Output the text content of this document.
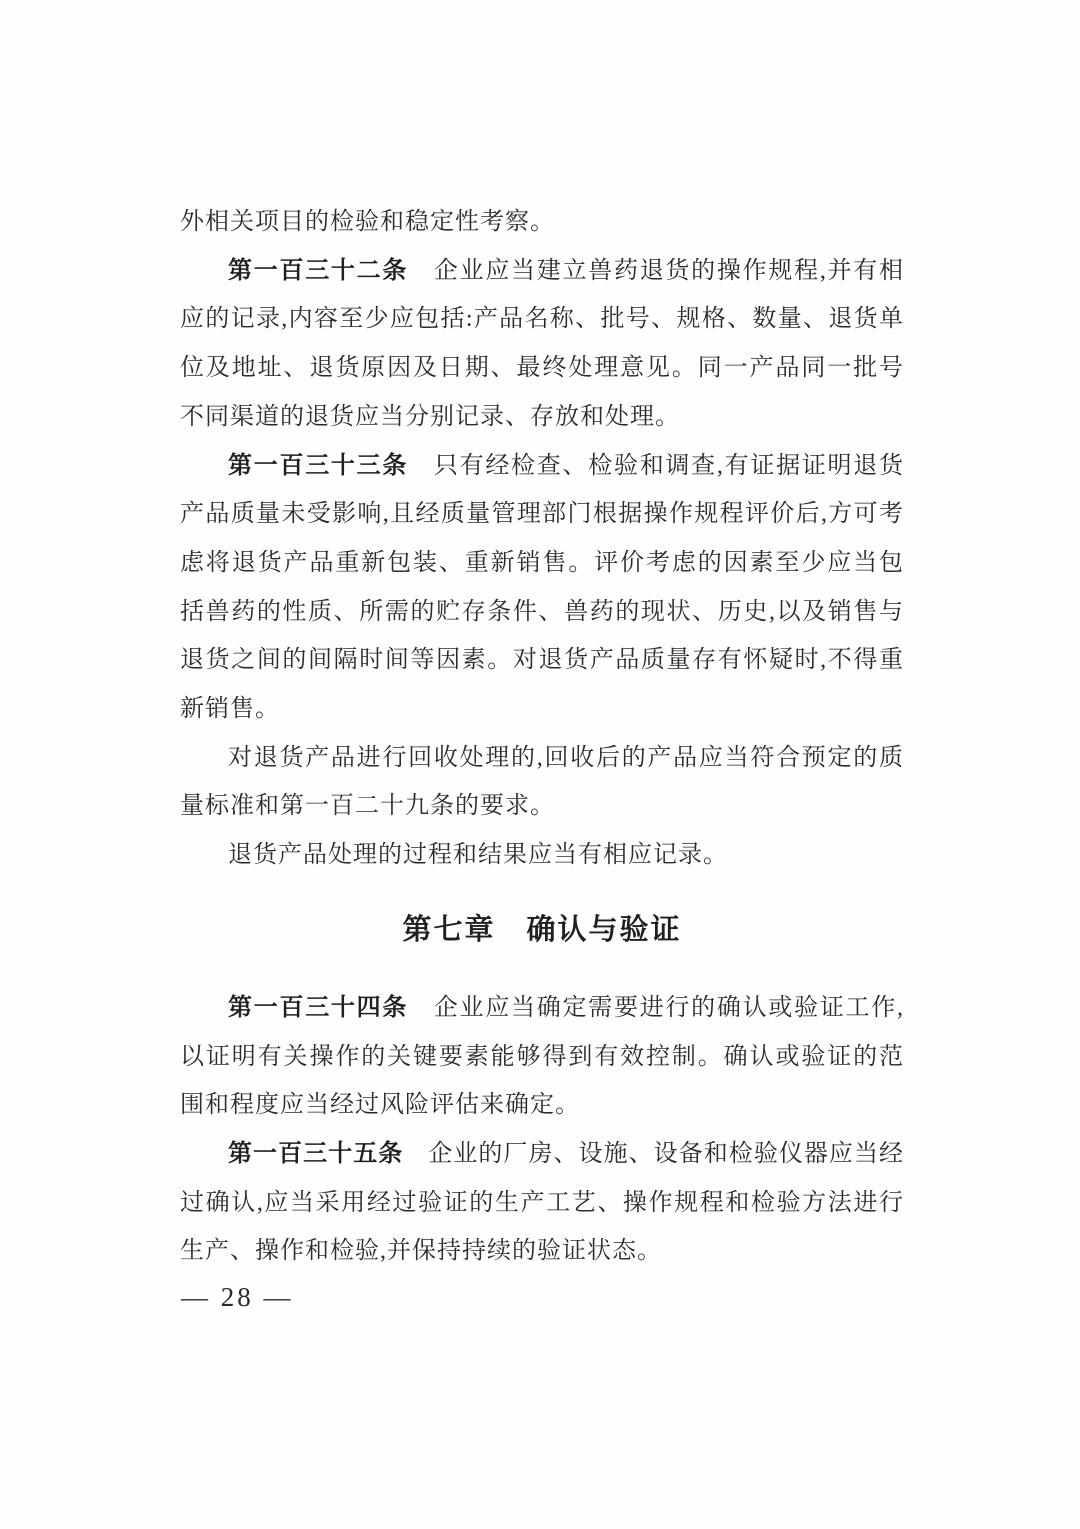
外相关项目的检验和稳定性考察。
第一百三十二条　企业应当建立兽药退货的操作规程,并有相应的记录,内容至少应包括:产品名称、批号、规格、数量、退货单位及地址、退货原因及日期、最终处理意见。同一产品同一批号不同渠道的退货应当分别记录、存放和处理。
第一百三十三条　只有经检查、检验和调查,有证据证明退货产品质量未受影响,且经质量管理部门根据操作规程评价后,方可考虑将退货产品重新包装、重新销售。评价考虑的因素至少应当包括兽药的性质、所需的贮存条件、兽药的现状、历史,以及销售与退货之间的间隔时间等因素。对退货产品质量存有怀疑时,不得重新销售。
对退货产品进行回收处理的,回收后的产品应当符合预定的质量标准和第一百二十九条的要求。
退货产品处理的过程和结果应当有相应记录。
第七章　确认与验证
第一百三十四条　企业应当确定需要进行的确认或验证工作,以证明有关操作的关键要素能够得到有效控制。确认或验证的范围和程度应当经过风险评估来确定。
第一百三十五条　企业的厂房、设施、设备和检验仪器应当经过确认,应当采用经过验证的生产工艺、操作规程和检验方法进行生产、操作和检验,并保持持续的验证状态。
— 28 —
